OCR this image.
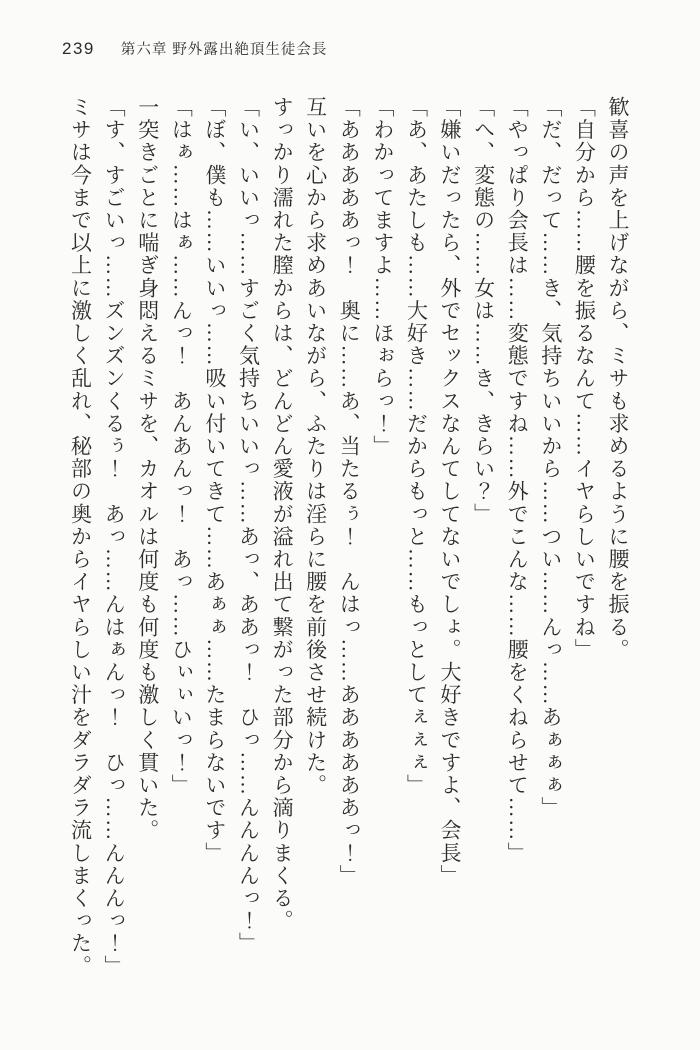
239 第六章 野外露出絶頂生徒会長

歓喜の声を上げながら、ミサも求めるように腰を振る。

「自分から……腰を振るなんて……イヤらしいですね」

「だ、だって……き、気持ちいいから……つい……んっ……あぁぁぁ」

「やっぱり会長は……変態ですね……外でこんな……腰をくねらせて……」

「へ、変態の……女は……き、きらい？」

「嫌いだったら、外でセックスなんてしてないでしょ。大好きですよ、会長」

「あ、あたしも……大好き……だからもっと……もっとしてぇぇぇ」

「わかってますよ……ほぉらっ！」

「あああああっ！　奥に……あ、当たるぅ！　んはっ……ああああああっ！」

互いを心から求めあいながら、ふたりは淫らに腰を前後させ続けた。

すっかり濡れた膣からは、どんどん愛液が溢れ出て繋がった部分から滴りまくる。

「い、いいっ……すごく気持ちいいっ……あっ、ああっ！　ひっ……んんんんっ！」

「ぼ、僕も……いいっ……吸い付いてきて……あぁぁ……たまらないです」

「はぁ……はぁ……んっ！　あんあんっ！　あっ……ひぃぃいっ！」

一突きごとに喘ぎ身悶えるミサを、カオルは何度も何度も激しく貫いた。

「す、すごいっ……ズンズンくるぅ！　あっ……んはぁんっ！　ひっ……んんんっ！」

ミサは今まで以上に激しく乱れ、秘部の奥からイヤらしい汁をダラダラ流しまくった。
